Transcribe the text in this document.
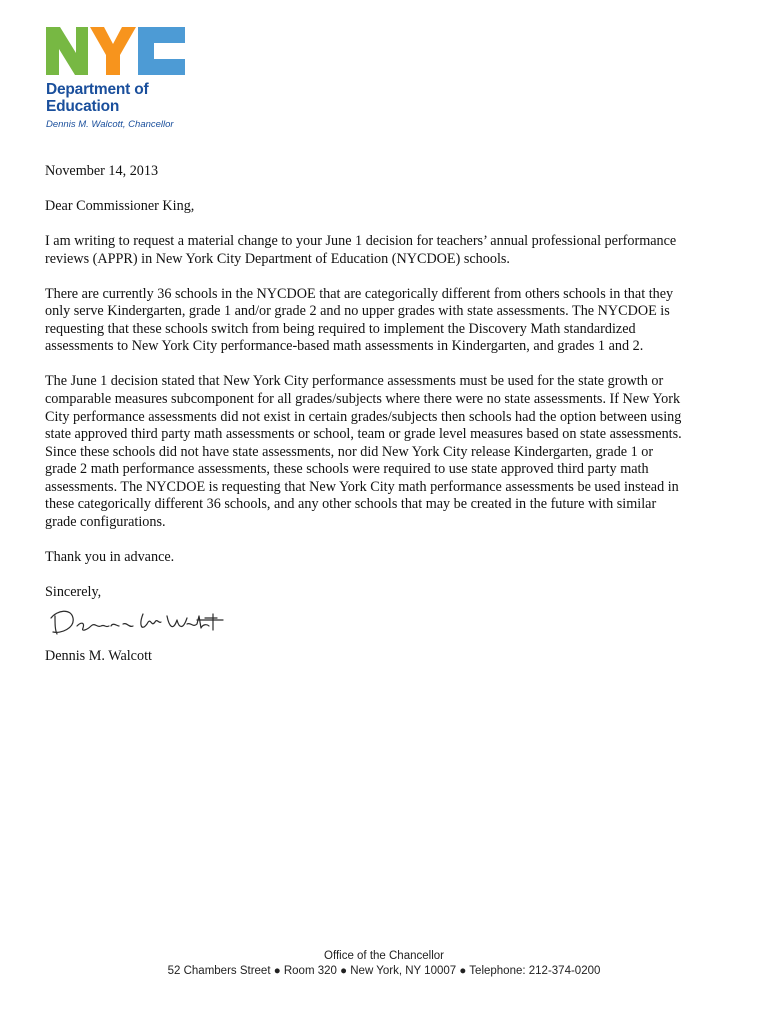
Department of
Education
Dennis M. Walcott, Chancellor

November 14, 2013

Dear Commissioner King,

I am writing to request a material change to your June 1 decision for teachers’ annual professional performance reviews (APPR) in New York City Department of Education (NYCDOE) schools.

There are currently 36 schools in the NYCDOE that are categorically different from others schools in that they only serve Kindergarten, grade 1 and/or grade 2 and no upper grades with state assessments. The NYCDOE is requesting that these schools switch from being required to implement the Discovery Math standardized assessments to New York City performance-based math assessments in Kindergarten, and grades 1 and 2.

The June 1 decision stated that New York City performance assessments must be used for the state growth or comparable measures subcomponent for all grades/subjects where there were no state assessments. If New York City performance assessments did not exist in certain grades/subjects then schools had the option between using state approved third party math assessments or school, team or grade level measures based on state assessments. Since these schools did not have state assessments, nor did New York City release Kindergarten, grade 1 or grade 2 math performance assessments, these schools were required to use state approved third party math assessments. The NYCDOE is requesting that New York City math performance assessments be used instead in these categorically different 36 schools, and any other schools that may be created in the future with similar grade configurations.

Thank you in advance.

Sincerely,

Dennis M. Walcott

Office of the Chancellor
52 Chambers Street ● Room 320 ● New York, NY 10007 ● Telephone: 212-374-0200
